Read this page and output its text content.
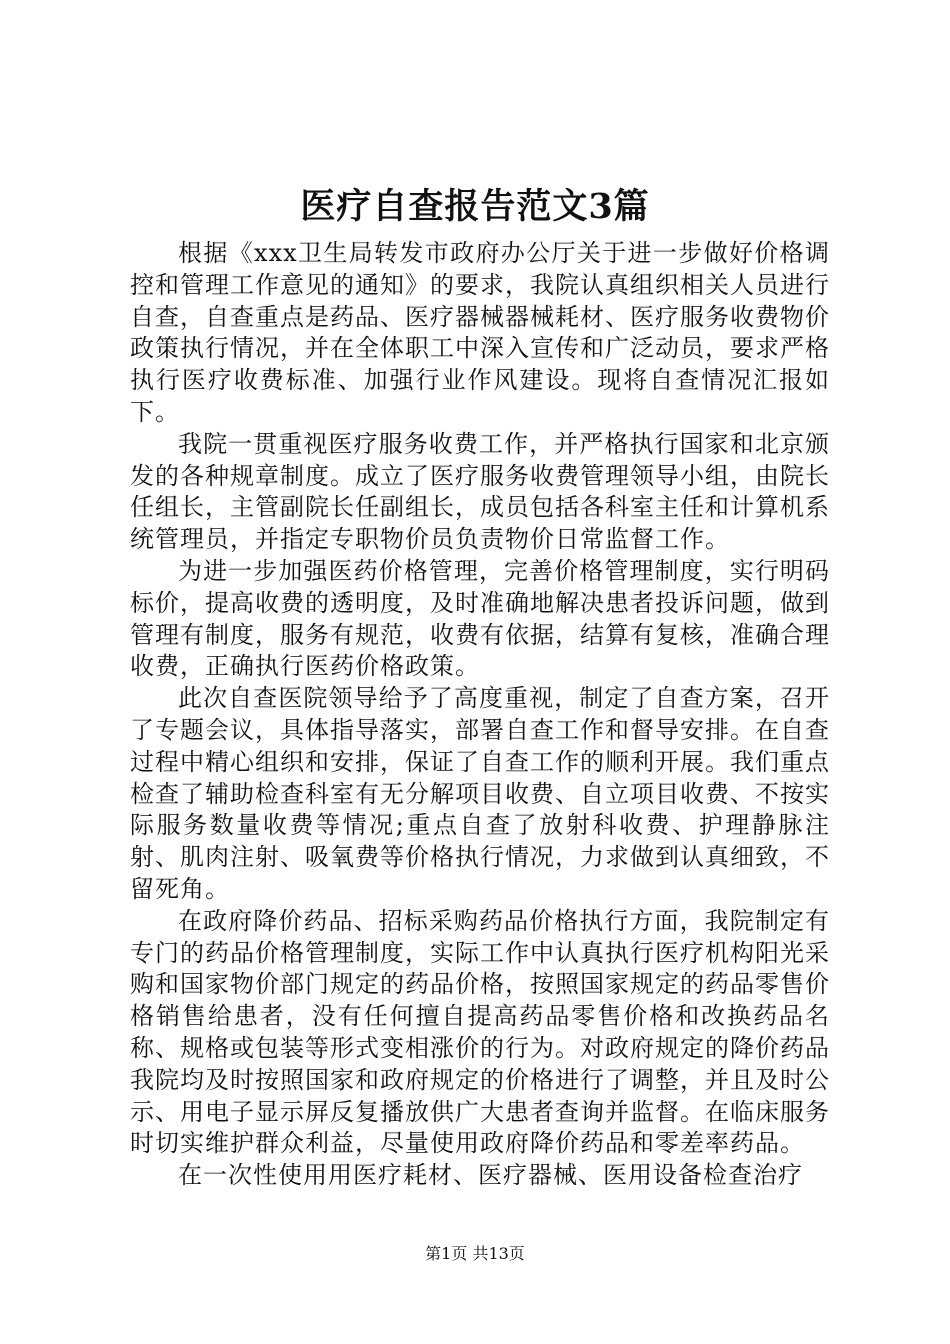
医疗自查报告范文3篇

根据《xxx卫生局转发市政府办公厅关于进一步做好价格调控和管理工作意见的通知》的要求，我院认真组织相关人员进行自查，自查重点是药品、医疗器械器械耗材、医疗服务收费物价政策执行情况，并在全体职工中深入宣传和广泛动员，要求严格执行医疗收费标准、加强行业作风建设。现将自查情况汇报如下。

我院一贯重视医疗服务收费工作，并严格执行国家和北京颁发的各种规章制度。成立了医疗服务收费管理领导小组，由院长任组长，主管副院长任副组长，成员包括各科室主任和计算机系统管理员，并指定专职物价员负责物价日常监督工作。

为进一步加强医药价格管理，完善价格管理制度，实行明码标价，提高收费的透明度，及时准确地解决患者投诉问题，做到管理有制度，服务有规范，收费有依据，结算有复核，准确合理收费，正确执行医药价格政策。

此次自查医院领导给予了高度重视，制定了自查方案，召开了专题会议，具体指导落实，部署自查工作和督导安排。在自查过程中精心组织和安排，保证了自查工作的顺利开展。我们重点检查了辅助检查科室有无分解项目收费、自立项目收费、不按实际服务数量收费等情况;重点自查了放射科收费、护理静脉注射、肌肉注射、吸氧费等价格执行情况，力求做到认真细致，不留死角。

在政府降价药品、招标采购药品价格执行方面，我院制定有专门的药品价格管理制度，实际工作中认真执行医疗机构阳光采购和国家物价部门规定的药品价格，按照国家规定的药品零售价格销售给患者，没有任何擅自提高药品零售价格和改换药品名称、规格或包装等形式变相涨价的行为。对政府规定的降价药品我院均及时按照国家和政府规定的价格进行了调整，并且及时公示、用电子显示屏反复播放供广大患者查询并监督。在临床服务时切实维护群众利益，尽量使用政府降价药品和零差率药品。

在一次性使用用医疗耗材、医疗器械、医用设备检查治疗

第1页 共13页
